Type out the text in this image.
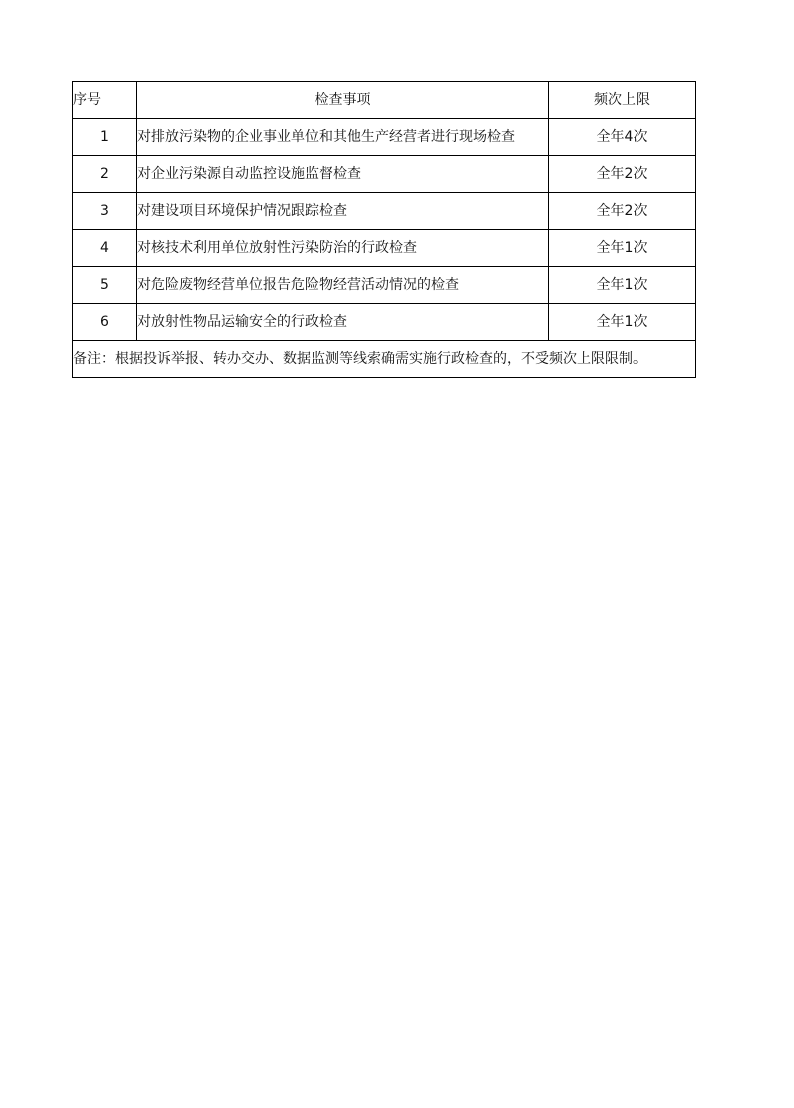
序号	检查事项	频次上限
1	对排放污染物的企业事业单位和其他生产经营者进行现场检查	全年4次
2	对企业污染源自动监控设施监督检查	全年2次
3	对建设项目环境保护情况跟踪检查	全年2次
4	对核技术利用单位放射性污染防治的行政检查	全年1次
5	对危险废物经营单位报告危险物经营活动情况的检查	全年1次
6	对放射性物品运输安全的行政检查	全年1次
备注：根据投诉举报、转办交办、数据监测等线索确需实施行政检查的，不受频次上限限制。		
